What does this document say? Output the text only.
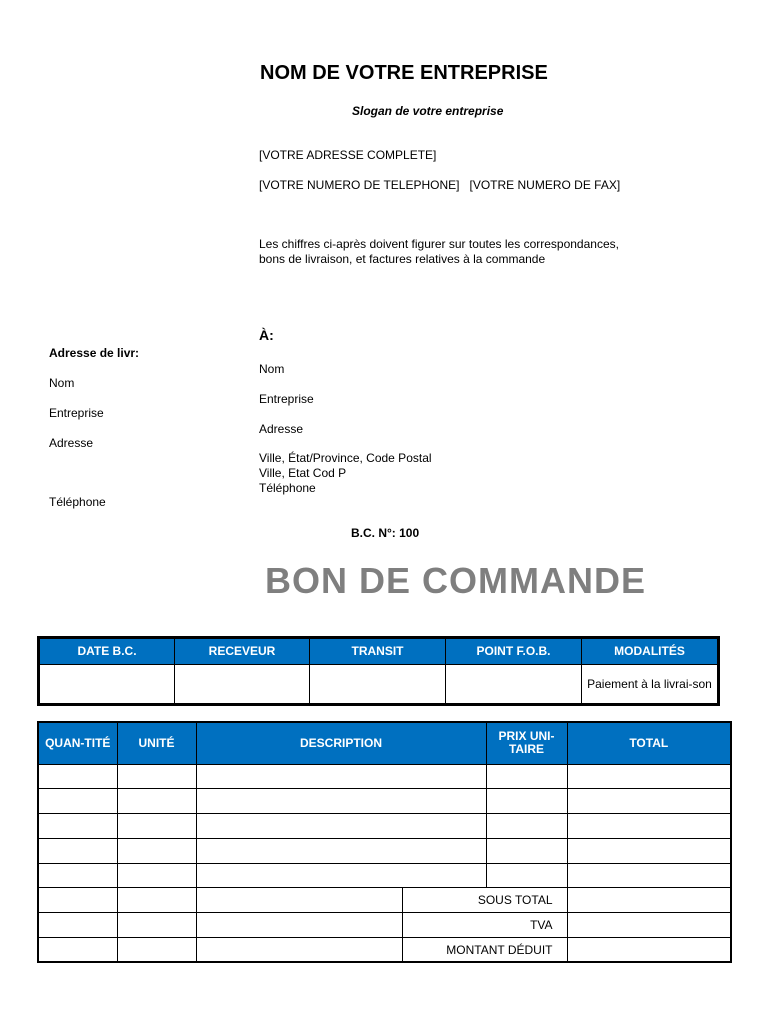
NOM DE VOTRE ENTREPRISE
Slogan de votre entreprise
[VOTRE ADRESSE COMPLETE]
[VOTRE NUMERO DE TELEPHONE] [VOTRE NUMERO DE FAX]
Les chiffres ci-après doivent figurer sur toutes les correspondances,
bons de livraison, et factures relatives à la commande
À:
Nom
Entreprise
Adresse
Ville, État/Province, Code Postal
Ville, Etat Cod P
Téléphone
Adresse de livr:
Nom
Entreprise
Adresse
Téléphone
B.C. N°: 100
BON DE COMMANDE
DATE B.C.	RECEVEUR	TRANSIT	POINT F.O.B.	MODALITÉS
				Paiement à la livrai-son
QUAN-TITÉ	UNITÉ	DESCRIPTION		PRIX UNI-TAIRE	TOTAL

			SOUS TOTAL		
			TVA		
			MONTANT DÉDUIT		
